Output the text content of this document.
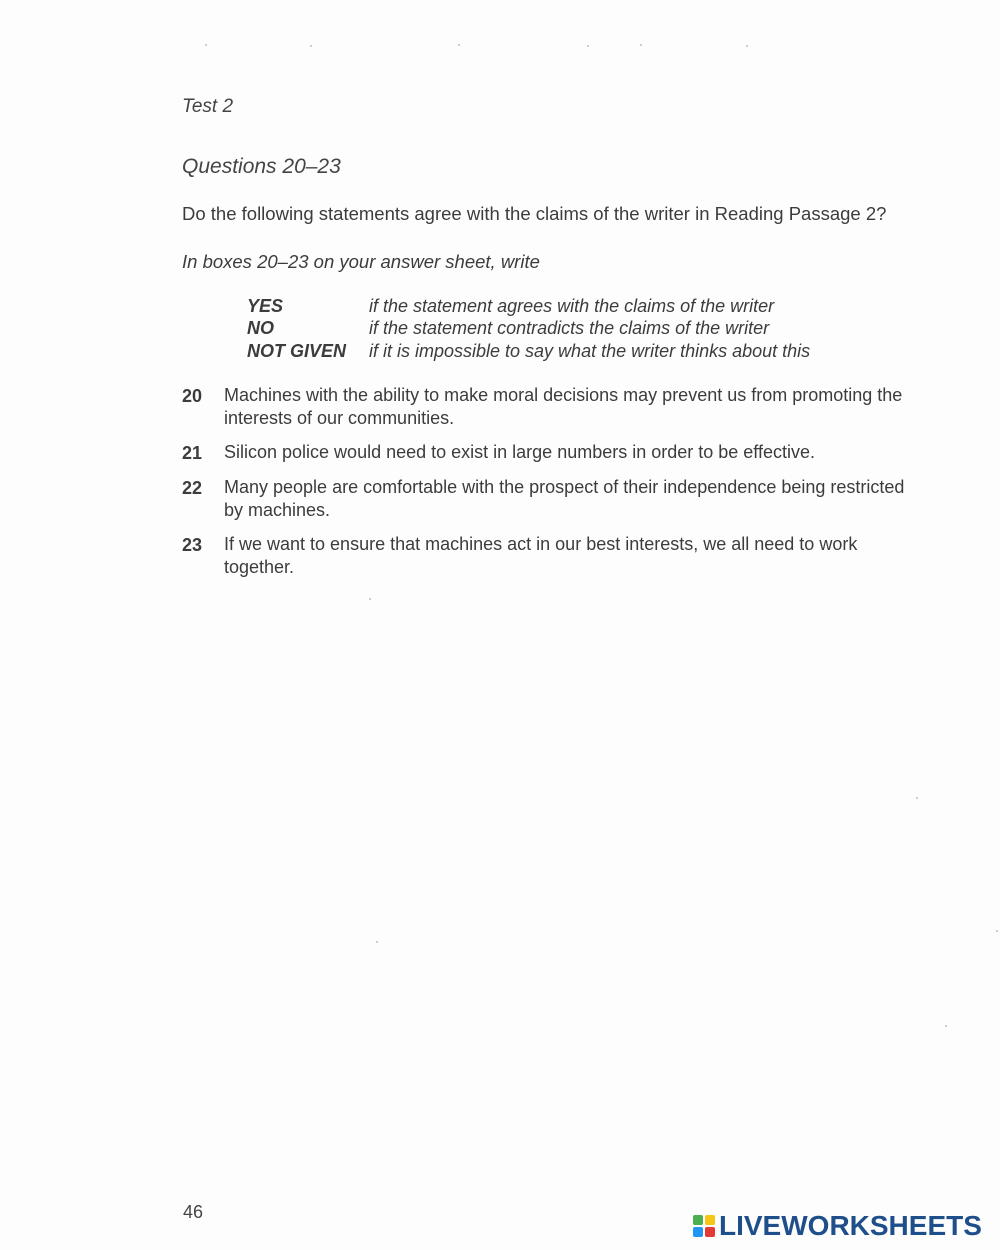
Test 2
Questions 20–23
Do the following statements agree with the claims of the writer in Reading Passage 2?
In boxes 20–23 on your answer sheet, write
YES	if the statement agrees with the claims of the writer
NO	if the statement contradicts the claims of the writer
NOT GIVEN	if it is impossible to say what the writer thinks about this
20	Machines with the ability to make moral decisions may prevent us from promoting the interests of our communities.
21	Silicon police would need to exist in large numbers in order to be effective.
22	Many people are comfortable with the prospect of their independence being restricted by machines.
23	If we want to ensure that machines act in our best interests, we all need to work together.
46	LIVEWORKSHEETS
